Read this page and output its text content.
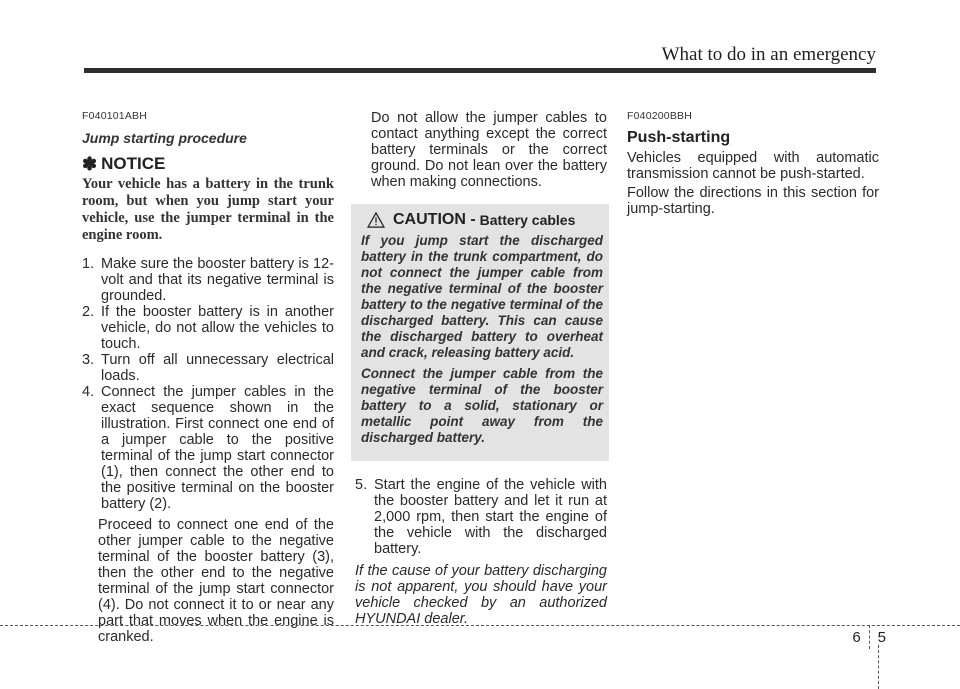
What to do in an emergency
F040101ABH
Jump starting procedure
✽ NOTICE
Your vehicle has a battery in the trunk room, but when you jump start your vehicle, use the jumper terminal in the engine room.
1. Make sure the booster battery is 12-volt and that its negative terminal is grounded.
2. If the booster battery is in another vehicle, do not allow the vehicles to touch.
3. Turn off all unnecessary electrical loads.
4. Connect the jumper cables in the exact sequence shown in the illustration. First connect one end of a jumper cable to the positive terminal of the jump start connector (1), then connect the other end to the positive terminal on the booster battery (2).
Proceed to connect one end of the other jumper cable to the negative terminal of the booster battery (3), then the other end to the negative terminal of the jump start connector (4). Do not connect it to or near any part that moves when the engine is cranked.
Do not allow the jumper cables to contact anything except the correct battery terminals or the correct ground. Do not lean over the battery when making connections.
CAUTION - Battery cables

If you jump start the discharged battery in the trunk compartment, do not connect the jumper cable from the negative terminal of the booster battery to the negative terminal of the discharged battery. This can cause the discharged battery to overheat and crack, releasing battery acid.

Connect the jumper cable from the negative terminal of the booster battery to a solid, stationary or metallic point away from the discharged battery.

5. Start the engine of the vehicle with the booster battery and let it run at 2,000 rpm, then start the engine of the vehicle with the discharged battery.
If the cause of your battery discharging is not apparent, you should have your vehicle checked by an authorized HYUNDAI dealer.
F040200BBH
Push-starting
Vehicles equipped with automatic transmission cannot be push-started.
Follow the directions in this section for jump-starting.
6	5
